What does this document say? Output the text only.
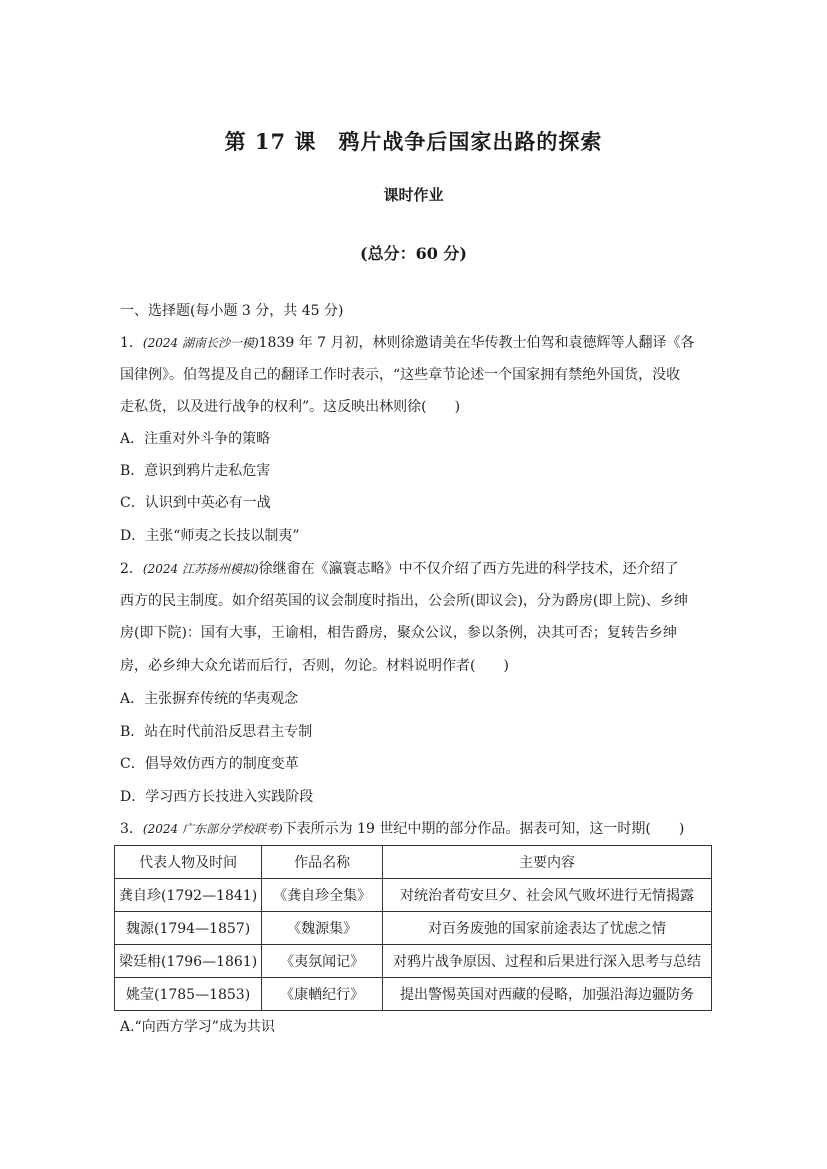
第 17 课　鸦片战争后国家出路的探索
课时作业
(总分：60 分)
一、选择题(每小题 3 分，共 45 分)
1．(2024 湖南长沙一模)1839 年 7 月初，林则徐邀请美在华传教士伯驾和袁德辉等人翻译《各
国律例》。伯驾提及自己的翻译工作时表示，“这些章节论述一个国家拥有禁绝外国货，没收
走私货，以及进行战争的权利”。这反映出林则徐(　　)
A．注重对外斗争的策略
B．意识到鸦片走私危害
C．认识到中英必有一战
D．主张“师夷之长技以制夷”
2．(2024 江苏扬州模拟)徐继畬在《瀛寰志略》中不仅介绍了西方先进的科学技术，还介绍了
西方的民主制度。如介绍英国的议会制度时指出，公会所(即议会)，分为爵房(即上院)、乡绅
房(即下院)：国有大事，王谕相，相告爵房，聚众公议，参以条例，决其可否；复转告乡绅
房，必乡绅大众允诺而后行，否则，勿论。材料说明作者(　　)
A．主张摒弃传统的华夷观念
B．站在时代前沿反思君主专制
C．倡导效仿西方的制度变革
D．学习西方长技进入实践阶段
3．(2024 广东部分学校联考)下表所示为 19 世纪中期的部分作品。据表可知，这一时期(　　)
代表人物及时间	作品名称	主要内容
龚自珍(1792—1841)	《龚自珍全集》	对统治者苟安旦夕、社会风气败坏进行无情揭露
魏源(1794—1857)	《魏源集》	对百务废弛的国家前途表达了忧虑之情
梁廷枏(1796—1861)	《夷氛闻记》	对鸦片战争原因、过程和后果进行深入思考与总结
姚莹(1785—1853)	《康輶纪行》	提出警惕英国对西藏的侵略，加强沿海边疆防务
A.“向西方学习”成为共识
